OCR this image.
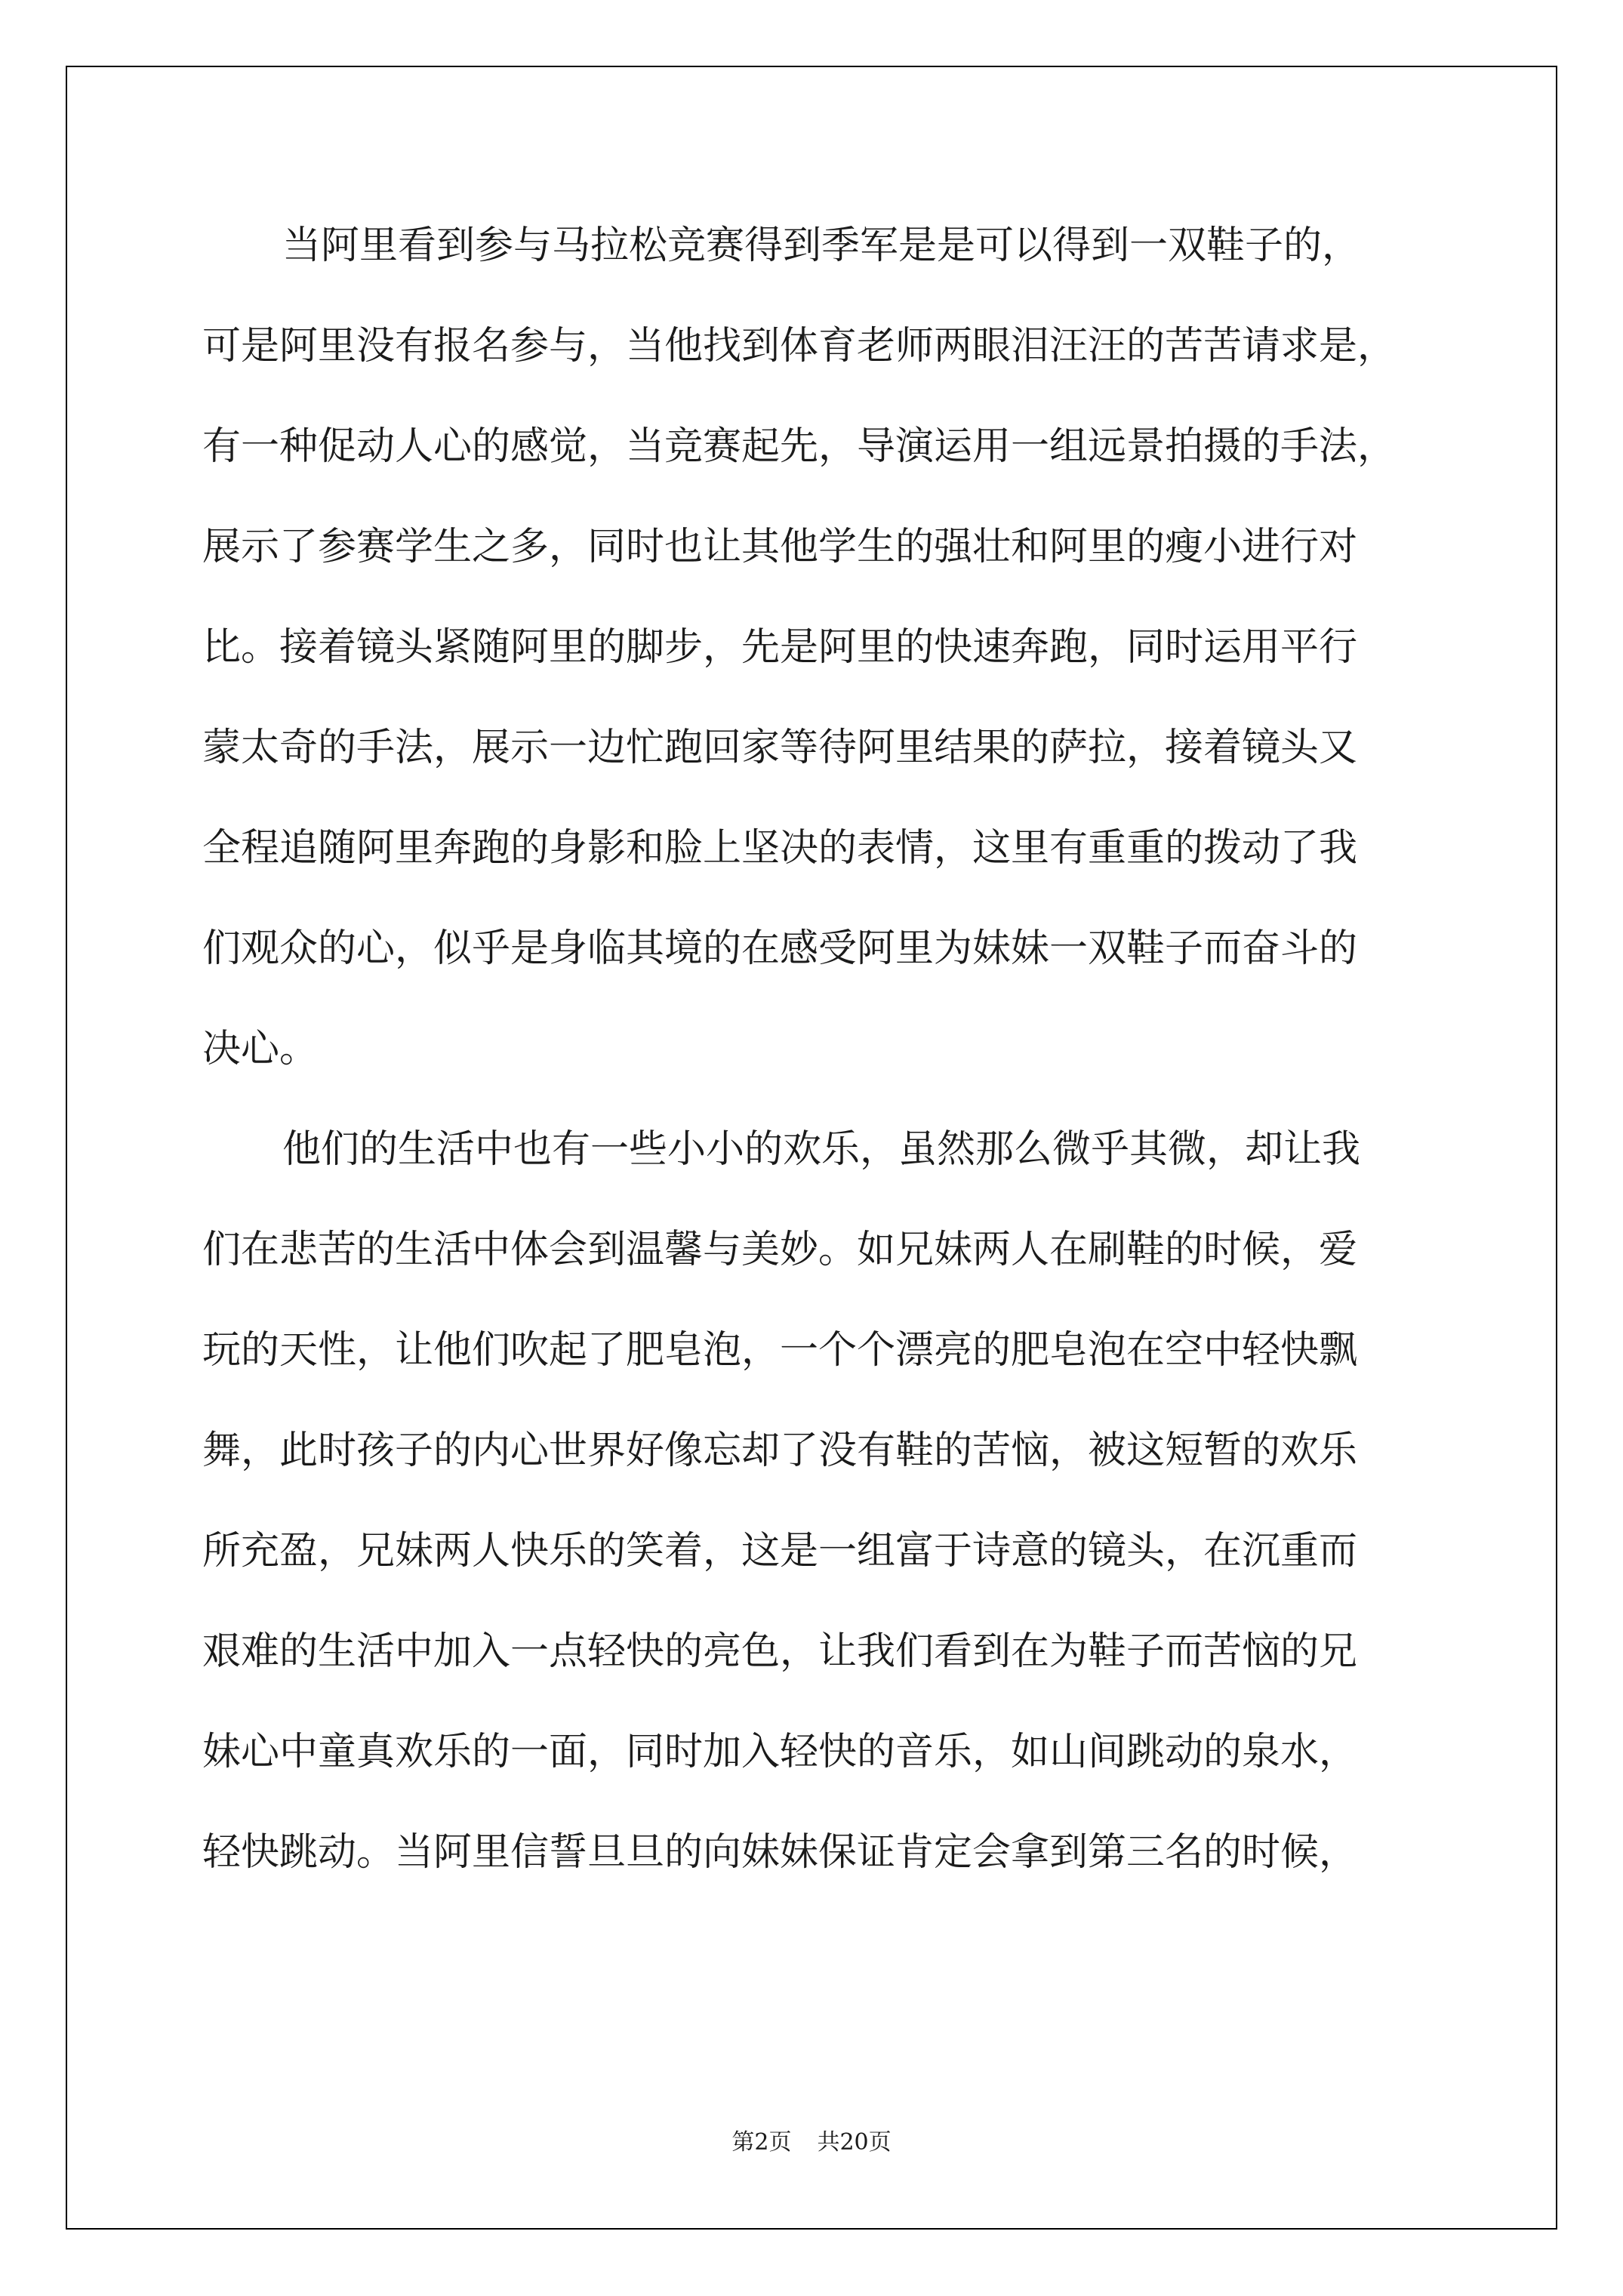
当阿里看到参与马拉松竞赛得到季军是是可以得到一双鞋子的，
可是阿里没有报名参与，当他找到体育老师两眼泪汪汪的苦苦请求是，
有一种促动人心的感觉，当竞赛起先，导演运用一组远景拍摄的手法，
展示了参赛学生之多，同时也让其他学生的强壮和阿里的瘦小进行对
比。接着镜头紧随阿里的脚步，先是阿里的快速奔跑，同时运用平行
蒙太奇的手法，展示一边忙跑回家等待阿里结果的萨拉，接着镜头又
全程追随阿里奔跑的身影和脸上坚决的表情，这里有重重的拨动了我
们观众的心，似乎是身临其境的在感受阿里为妹妹一双鞋子而奋斗的
决心。
他们的生活中也有一些小小的欢乐，虽然那么微乎其微，却让我
们在悲苦的生活中体会到温馨与美妙。如兄妹两人在刷鞋的时候，爱
玩的天性，让他们吹起了肥皂泡，一个个漂亮的肥皂泡在空中轻快飘
舞，此时孩子的内心世界好像忘却了没有鞋的苦恼，被这短暂的欢乐
所充盈，兄妹两人快乐的笑着，这是一组富于诗意的镜头，在沉重而
艰难的生活中加入一点轻快的亮色，让我们看到在为鞋子而苦恼的兄
妹心中童真欢乐的一面，同时加入轻快的音乐，如山间跳动的泉水，
轻快跳动。当阿里信誓旦旦的向妹妹保证肯定会拿到第三名的时候，
第2页 共20页
